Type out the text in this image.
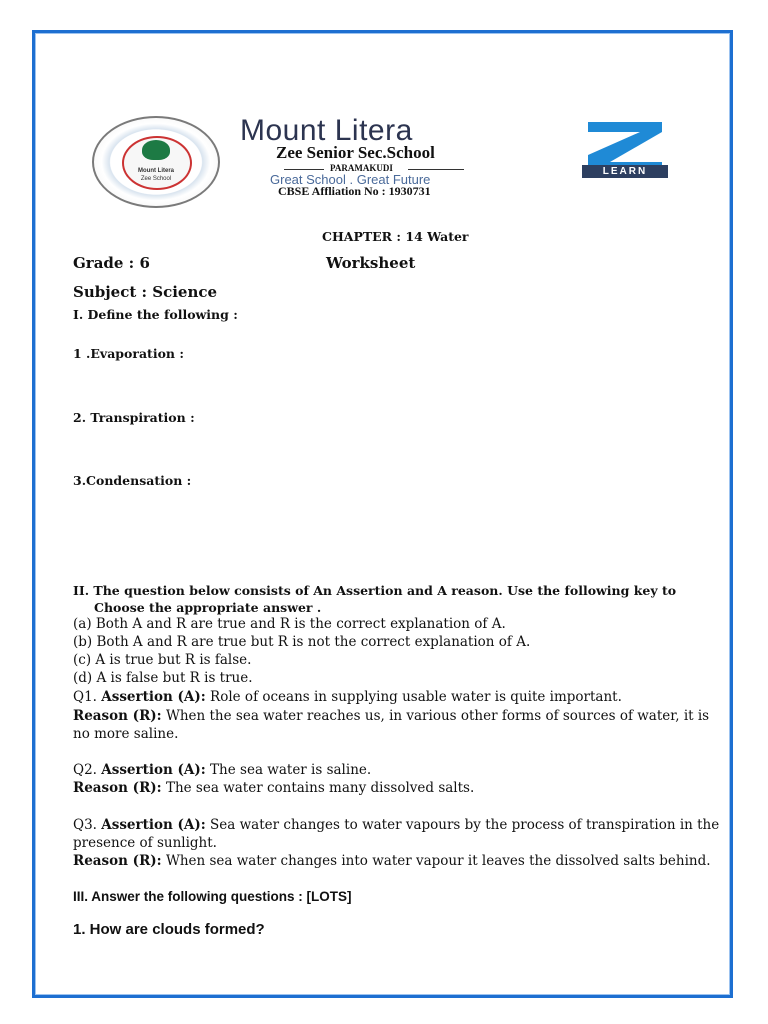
Mount Litera
Zee School
Mount Litera
Zee Senior Sec.School
PARAMAKUDI
Great School . Great Future
CBSE Affliation No : 1930731
LEARN
CHAPTER : 14 Water
Grade : 6	Worksheet
Subject : Science
I. Define the following :
1 .Evaporation :
2. Transpiration :
3.Condensation :
II. The question below consists of An Assertion and A reason. Use the following key to
Choose the appropriate answer .
(a) Both A and R are true and R is the correct explanation of A.
(b) Both A and R are true but R is not the correct explanation of A.
(c) A is true but R is false.
(d) A is false but R is true.
Q1. Assertion (A): Role of oceans in supplying usable water is quite important.
Reason (R): When the sea water reaches us, in various other forms of sources of water, it is
no more saline.
Q2. Assertion (A): The sea water is saline.
Reason (R): The sea water contains many dissolved salts.
Q3. Assertion (A): Sea water changes to water vapours by the process of transpiration in the
presence of sunlight.
Reason (R): When sea water changes into water vapour it leaves the dissolved salts behind.
III. Answer the following questions : [LOTS]
1. How are clouds formed?
